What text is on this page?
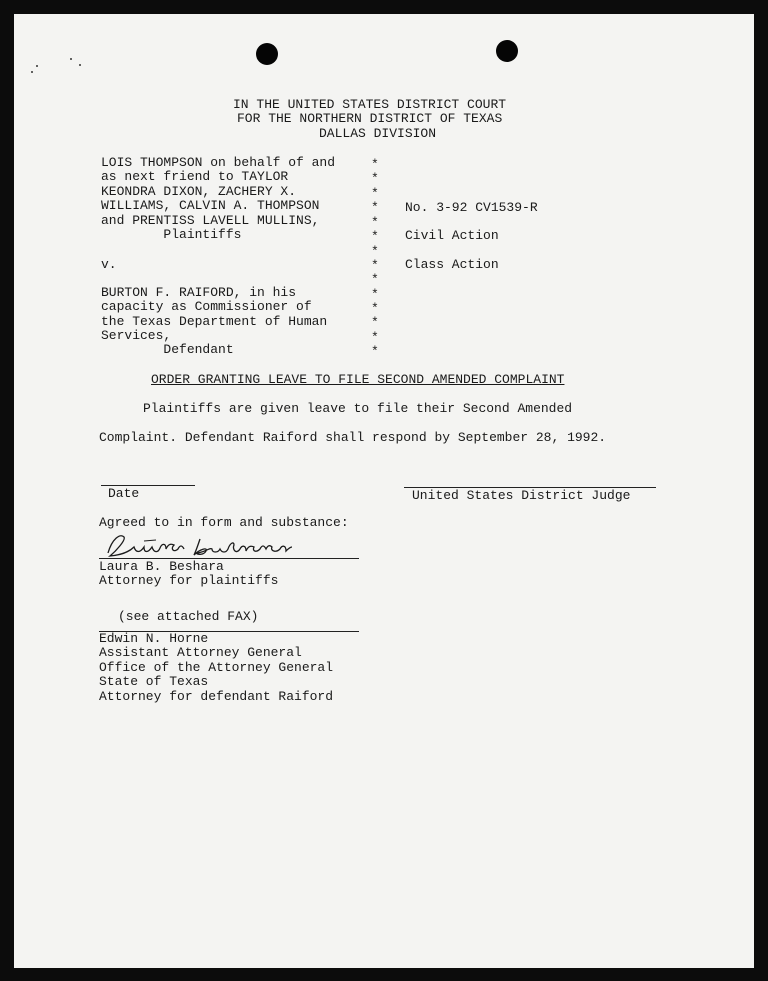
IN THE UNITED STATES DISTRICT COURT
FOR THE NORTHERN DISTRICT OF TEXAS
DALLAS DIVISION
LOIS THOMPSON on behalf of and
as next friend to TAYLOR
KEONDRA DIXON, ZACHERY X.
WILLIAMS, CALVIN A. THOMPSON
and PRENTISS LAVELL MULLINS,
Plaintiffs
v.
BURTON F. RAIFORD, in his
capacity as Commissioner of
the Texas Department of Human
Services,
Defendant
*
*
*
*
*
*
*
*
*
*
*
*
*
*
No. 3-92 CV1539-R
Civil Action
Class Action
ORDER GRANTING LEAVE TO FILE SECOND AMENDED COMPLAINT
Plaintiffs are given leave to file their Second Amended
Complaint. Defendant Raiford shall respond by September 28, 1992.
Date	United States District Judge
Agreed to in form and substance:
Laura B. Beshara
Attorney for plaintiffs
(see attached FAX)
Edwin N. Horne
Assistant Attorney General
Office of the Attorney General
State of Texas
Attorney for defendant Raiford
